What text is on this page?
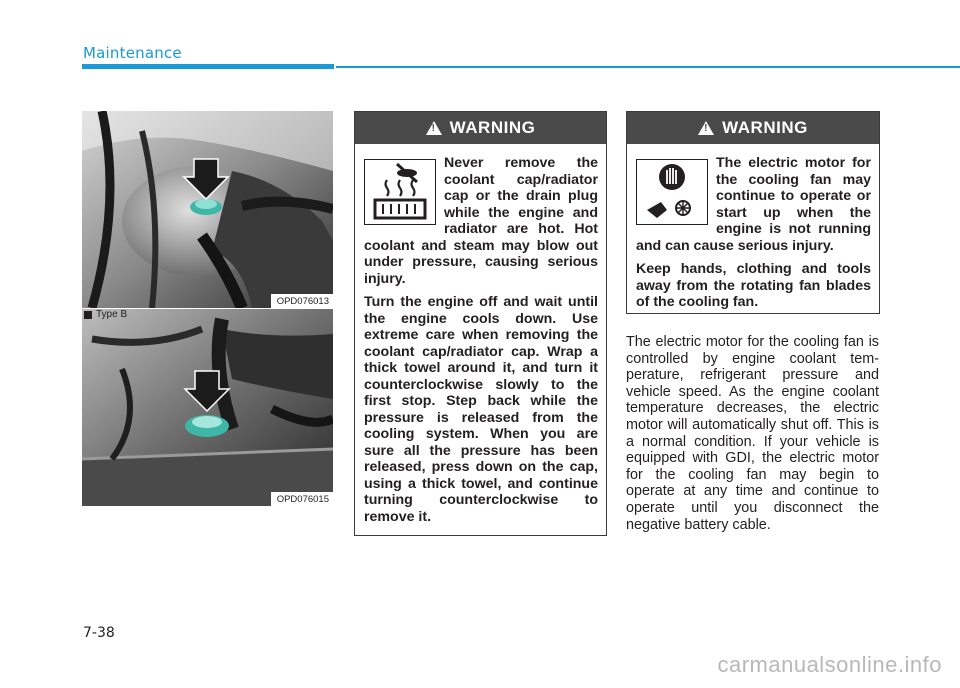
Maintenance
OPD076013
OPD076015
Type B
!
WARNING

Never remove the coolant cap/radiator cap or the drain plug while the engine and radiator are hot. Hot coolant and steam may blow out under pressure, causing serious injury.

Turn the engine off and wait until the engine cools down. Use extreme care when removing the coolant cap/radiator cap. Wrap a thick towel around it, and turn it counterclockwise slowly to the first stop. Step back while the pressure is released from the cooling system. When you are sure all the pressure has been released, press down on the cap, using a thick towel, and continue turning counterclockwise to remove it.

!
WARNING

The electric motor for the cooling fan may continue to operate or start up when the engine is not running and can cause serious injury.

Keep hands, clothing and tools away from the rotating fan blades of the cooling fan.

The electric motor for the cooling fan is controlled by engine coolant tem-perature, refrigerant pressure and vehicle speed. As the engine coolant temperature decreases, the electric motor will automatically shut off. This is a normal condition. If your vehicle is equipped with GDI, the electric motor for the cooling fan may begin to operate at any time and continue to operate until you disconnect the negative battery cable.
7-38
carmanualsonline.info
